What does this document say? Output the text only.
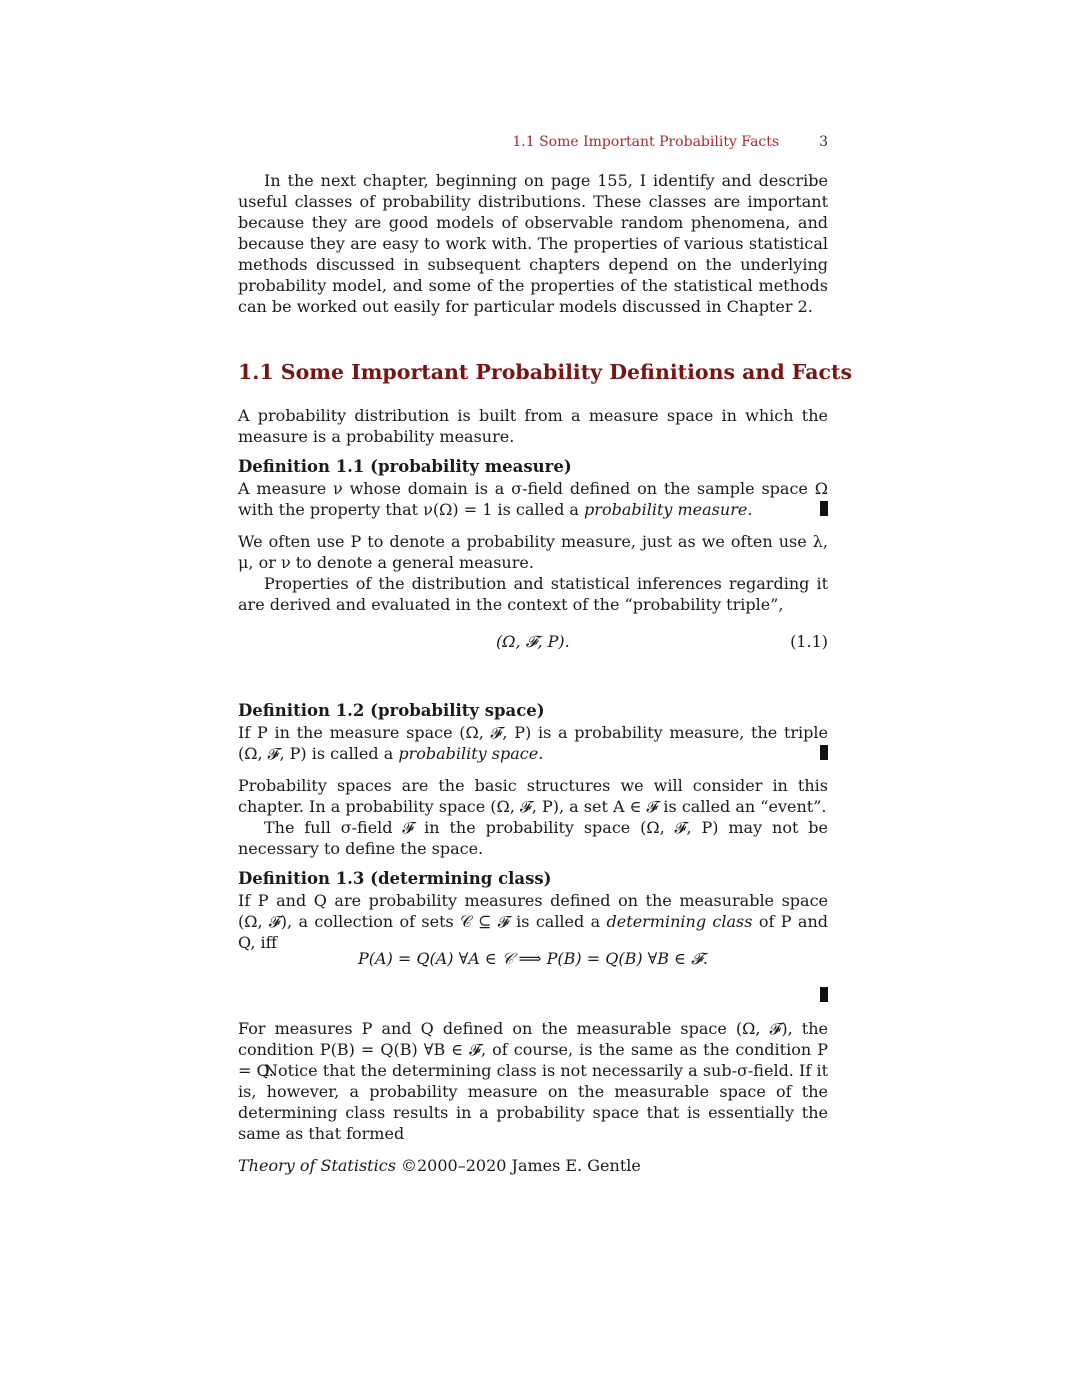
1.1 Some Important Probability Facts	3

In the next chapter, beginning on page 155, I identify and describe useful classes of probability distributions. These classes are important because they are good models of observable random phenomena, and because they are easy to work with. The properties of various statistical methods discussed in subsequent chapters depend on the underlying probability model, and some of the properties of the statistical methods can be worked out easily for particular models discussed in Chapter 2.

1.1 Some Important Probability Definitions and Facts

A probability distribution is built from a measure space in which the measure is a probability measure.

Definition 1.1 (probability measure)

A measure ν whose domain is a σ-field defined on the sample space Ω with the property that ν(Ω) = 1 is called a probability measure.

We often use P to denote a probability measure, just as we often use λ, μ, or ν to denote a general measure.

Properties of the distribution and statistical inferences regarding it are derived and evaluated in the context of the “probability triple”,

(Ω, 𝓕, P).	(1.1)

Definition 1.2 (probability space)

If P in the measure space (Ω, 𝓕, P) is a probability measure, the triple (Ω, 𝓕, P) is called a probability space.

Probability spaces are the basic structures we will consider in this chapter. In a probability space (Ω, 𝓕, P), a set A ∈ 𝓕 is called an “event”.

The full σ-field 𝓕 in the probability space (Ω, 𝓕, P) may not be necessary to define the space.

Definition 1.3 (determining class)

If P and Q are probability measures defined on the measurable space (Ω, 𝓕), a collection of sets 𝒞 ⊆ 𝓕 is called a determining class of P and Q, iff

P(A) = Q(A) ∀A ∈ 𝒞 ⟹ P(B) = Q(B) ∀B ∈ 𝓕.

For measures P and Q defined on the measurable space (Ω, 𝓕), the condition P(B) = Q(B) ∀B ∈ 𝓕, of course, is the same as the condition P = Q.

Notice that the determining class is not necessarily a sub-σ-field. If it is, however, a probability measure on the measurable space of the determining class results in a probability space that is essentially the same as that formed

Theory of Statistics ©2000–2020 James E. Gentle
